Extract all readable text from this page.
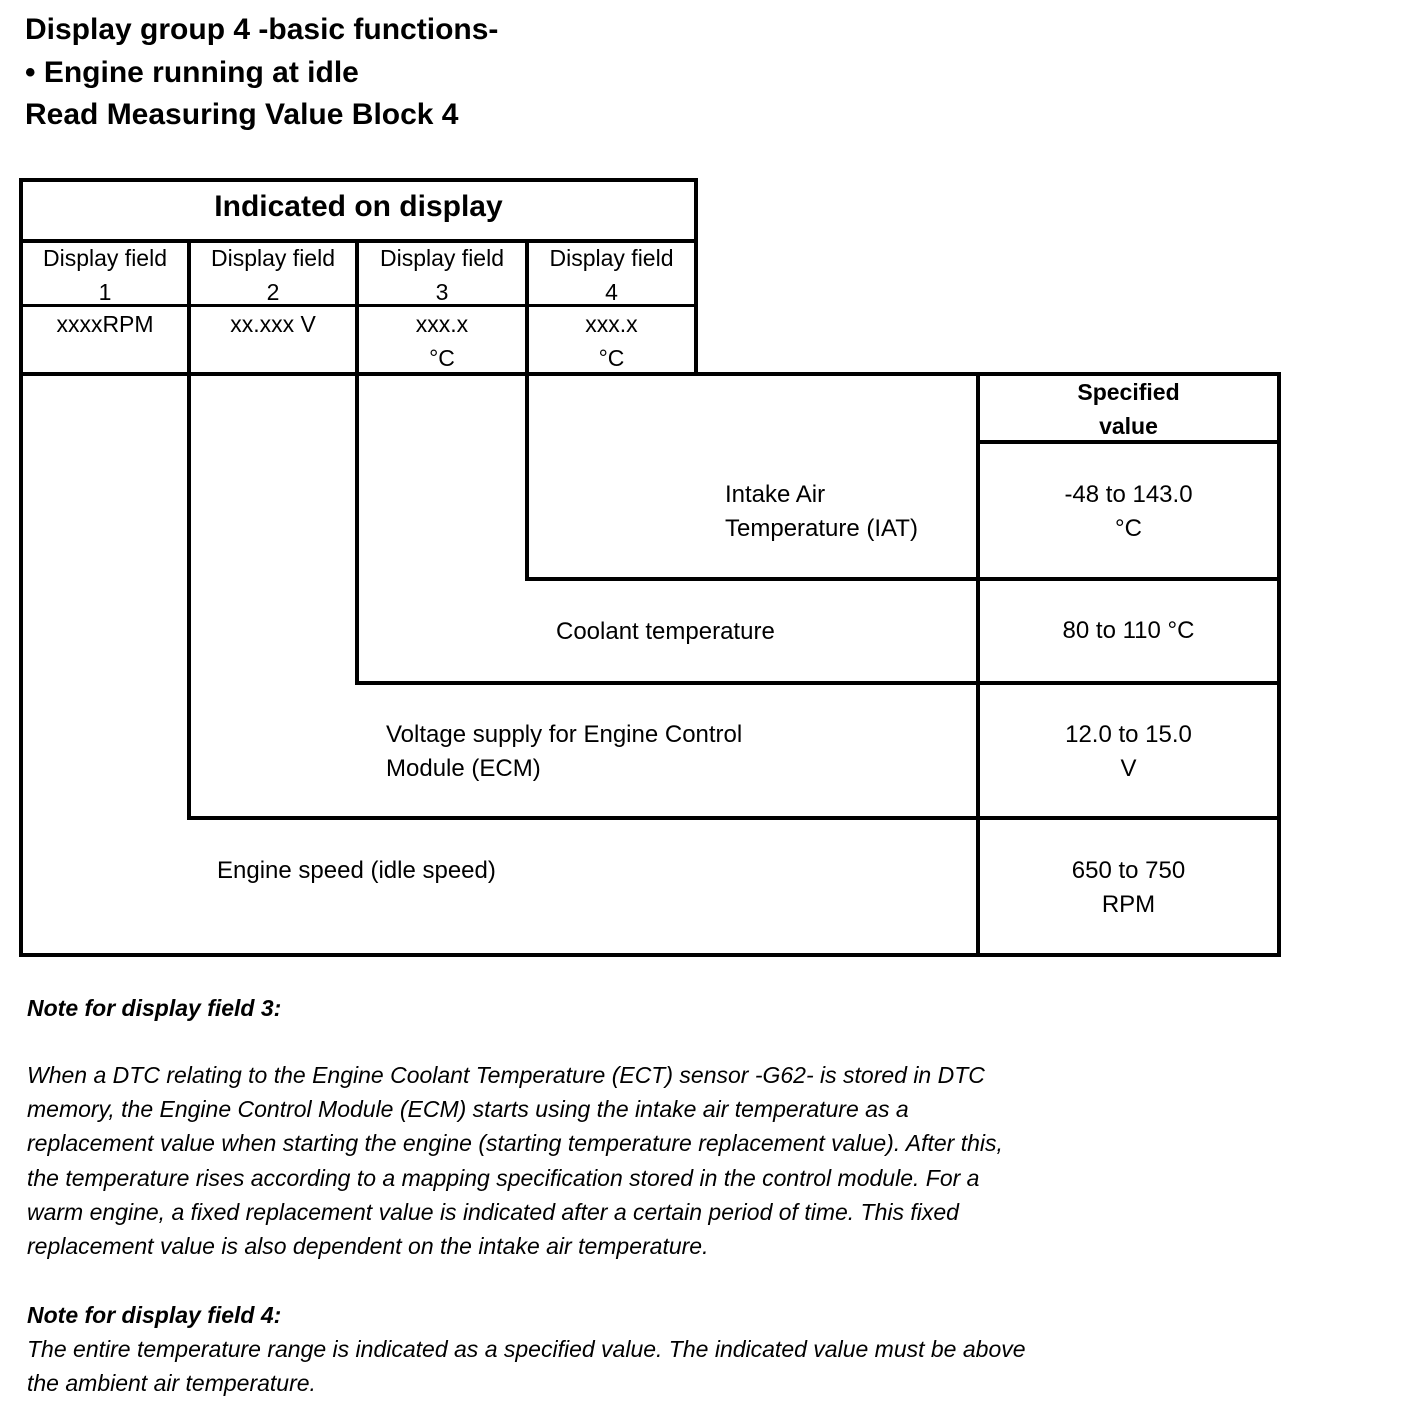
Display group 4 -basic functions-
• Engine running at idle
Read Measuring Value Block 4
Indicated on display
Display field
1
Display field
2
Display field
3
Display field
4
xxxxRPM	xx.xxx V	xxx.x
°C
xxx.x
°C
Specified
value
Intake Air
Temperature (IAT)
Coolant temperature
Voltage supply for Engine Control
Module (ECM)
Engine speed (idle speed)
-48 to 143.0
°C
80 to 110 °C
12.0 to 15.0
V
650 to 750
RPM
Note for display field 3:
When a DTC relating to the Engine Coolant Temperature (ECT) sensor -G62- is stored in DTC
memory, the Engine Control Module (ECM) starts using the intake air temperature as a
replacement value when starting the engine (starting temperature replacement value). After this,
the temperature rises according to a mapping specification stored in the control module. For a
warm engine, a fixed replacement value is indicated after a certain period of time. This fixed
replacement value is also dependent on the intake air temperature.
Note for display field 4:
The entire temperature range is indicated as a specified value. The indicated value must be above
the ambient air temperature.
